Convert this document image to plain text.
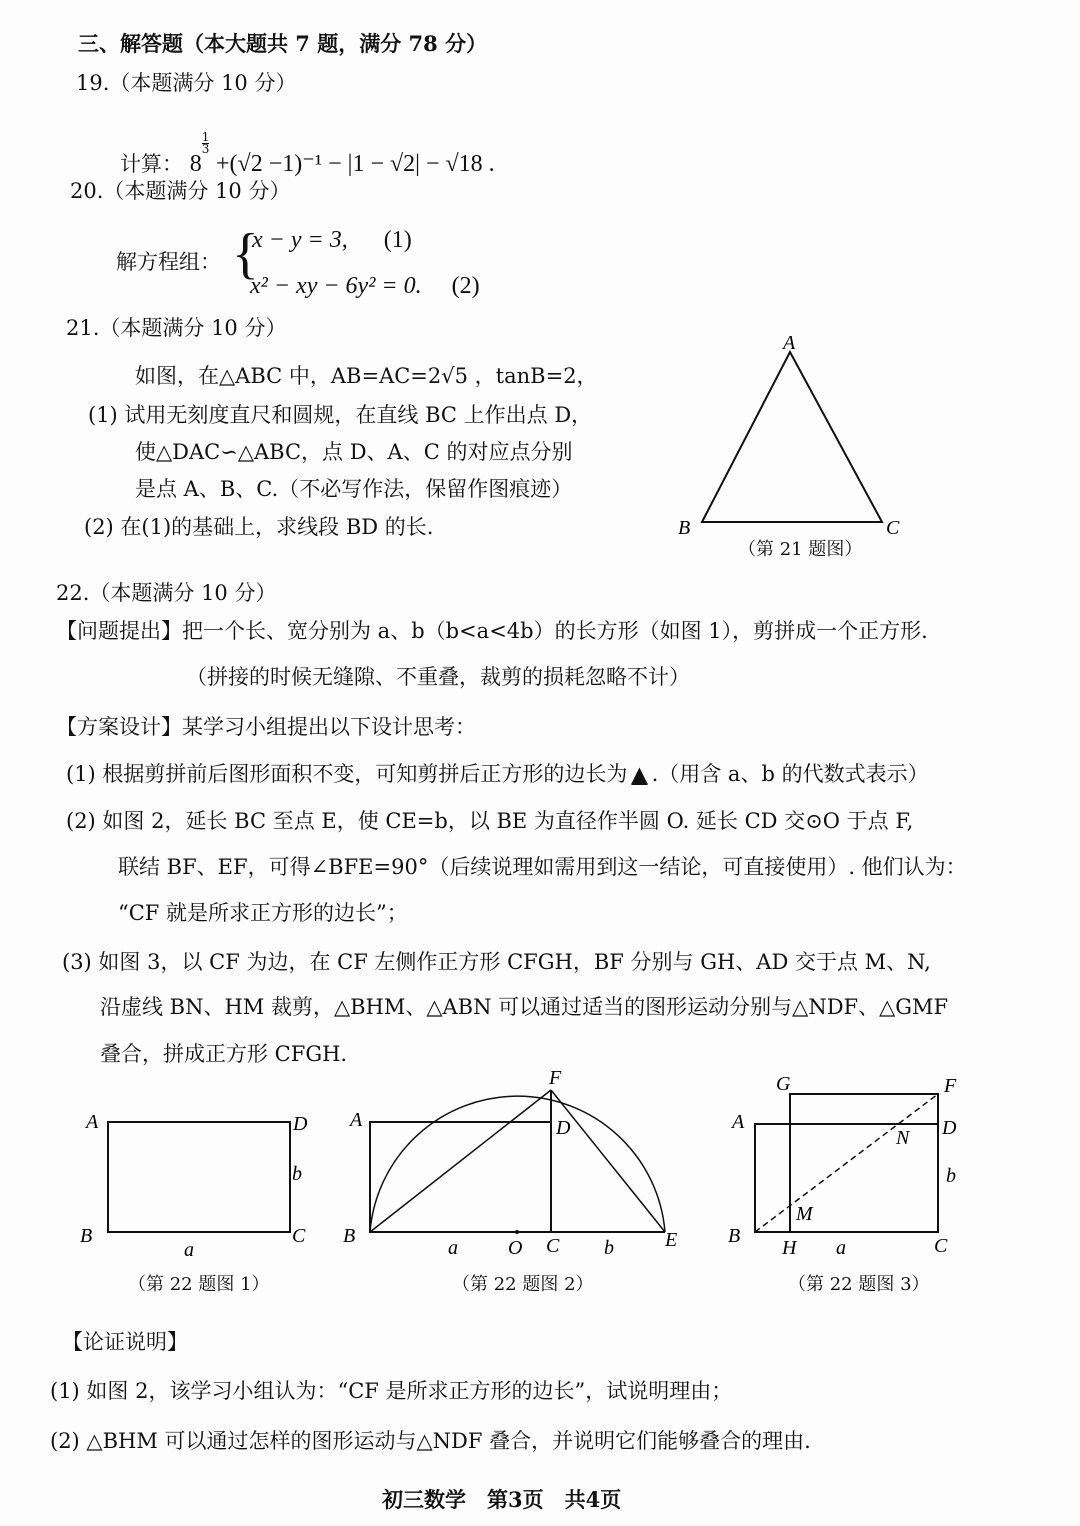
三、解答题（本大题共 7 题，满分 78 分）
19.（本题满分 10 分）
计算： 8
$\frac{1}{3} +(√2 -1)^{-1} - |1 - √2| - √18$ .
20.（本题满分 10 分）
解方程组： {
x − y = 3, (1)
x² − xy − 6y² = 0. (2)
21.（本题满分 10 分）
如图，在△ABC 中，AB=AC=2√5 ，tanB=2，
(1) 试用无刻度直尺和圆规，在直线 BC 上作出点 D，
使△DAC∽△ABC，点 D、A、C 的对应点分别
是点 A、B、C.（不必写作法，保留作图痕迹）
(2) 在(1)的基础上，求线段 BD 的长.
A
B	C
A	D
b
B	C
a
A	D
F
B	C	E
O
a	b
A	D
G	F
N
M
B
H	C
a
b
（第 21 题图）
22.（本题满分 10 分）
【问题提出】把一个长、宽分别为 a、b（b<a<4b）的长方形（如图 1），剪拼成一个正方形.
（拼接的时候无缝隙、不重叠，裁剪的损耗忽略不计）
【方案设计】某学习小组提出以下设计思考：
(1) 根据剪拼前后图形面积不变，可知剪拼后正方形的边长为 ▲ .（用含 a、b 的代数式表示）
(2) 如图 2，延长 BC 至点 E，使 CE=b，以 BE 为直径作半圆 O. 延长 CD 交⊙O 于点 F,
联结 BF、EF，可得∠BFE=90°（后续说理如需用到这一结论，可直接使用）. 他们认为：
“CF 就是所求正方形的边长”；
(3) 如图 3，以 CF 为边，在 CF 左侧作正方形 CFGH，BF 分别与 GH、AD 交于点 M、N,
沿虚线 BN、HM 裁剪，△BHM、△ABN 可以通过适当的图形运动分别与△NDF、△GMF
叠合，拼成正方形 CFGH.
（第 22 题图 1）	（第 22 题图 2）	（第 22 题图 3）
【论证说明】
(1) 如图 2，该学习小组认为：“CF 是所求正方形的边长”，试说明理由；
(2) △BHM 可以通过怎样的图形运动与△NDF 叠合，并说明它们能够叠合的理由.
初三数学　第3页　共4页
